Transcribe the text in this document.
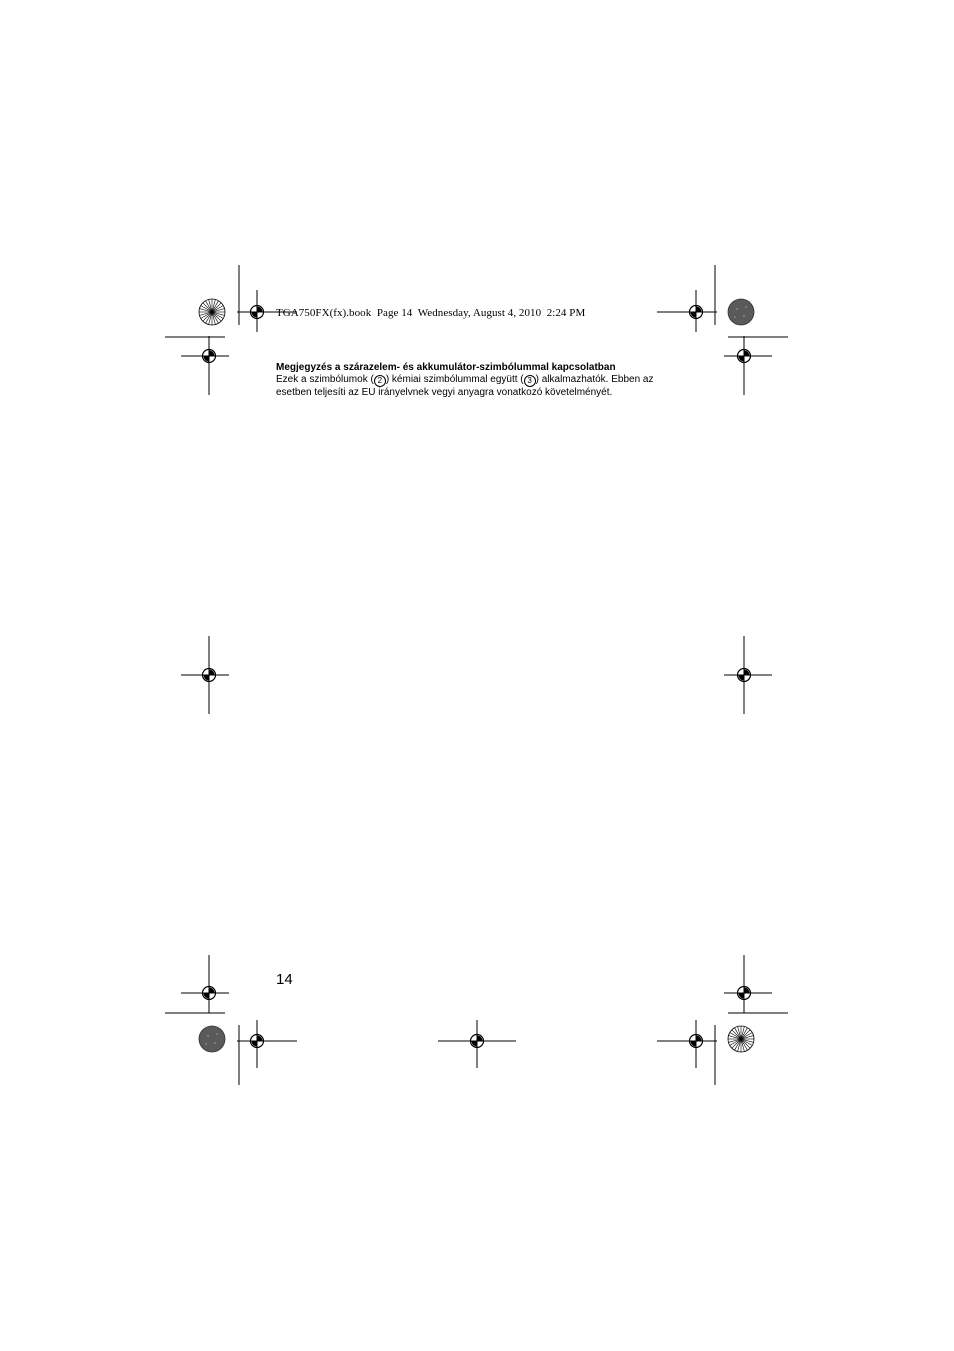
TGA750FX(fx).book  Page 14  Wednesday, August 4, 2010  2:24 PM
Megjegyzés a szárazelem- és akkumulátor-szimbólummal kapcsolatban

Ezek a szimbólumok ( 2 ) kémiai szimbólummal együtt ( 3 ) alkalmazhatók. Ebben az esetben teljesíti az EU irányelvnek vegyi anyagra vonatkozó követelményét.

14
